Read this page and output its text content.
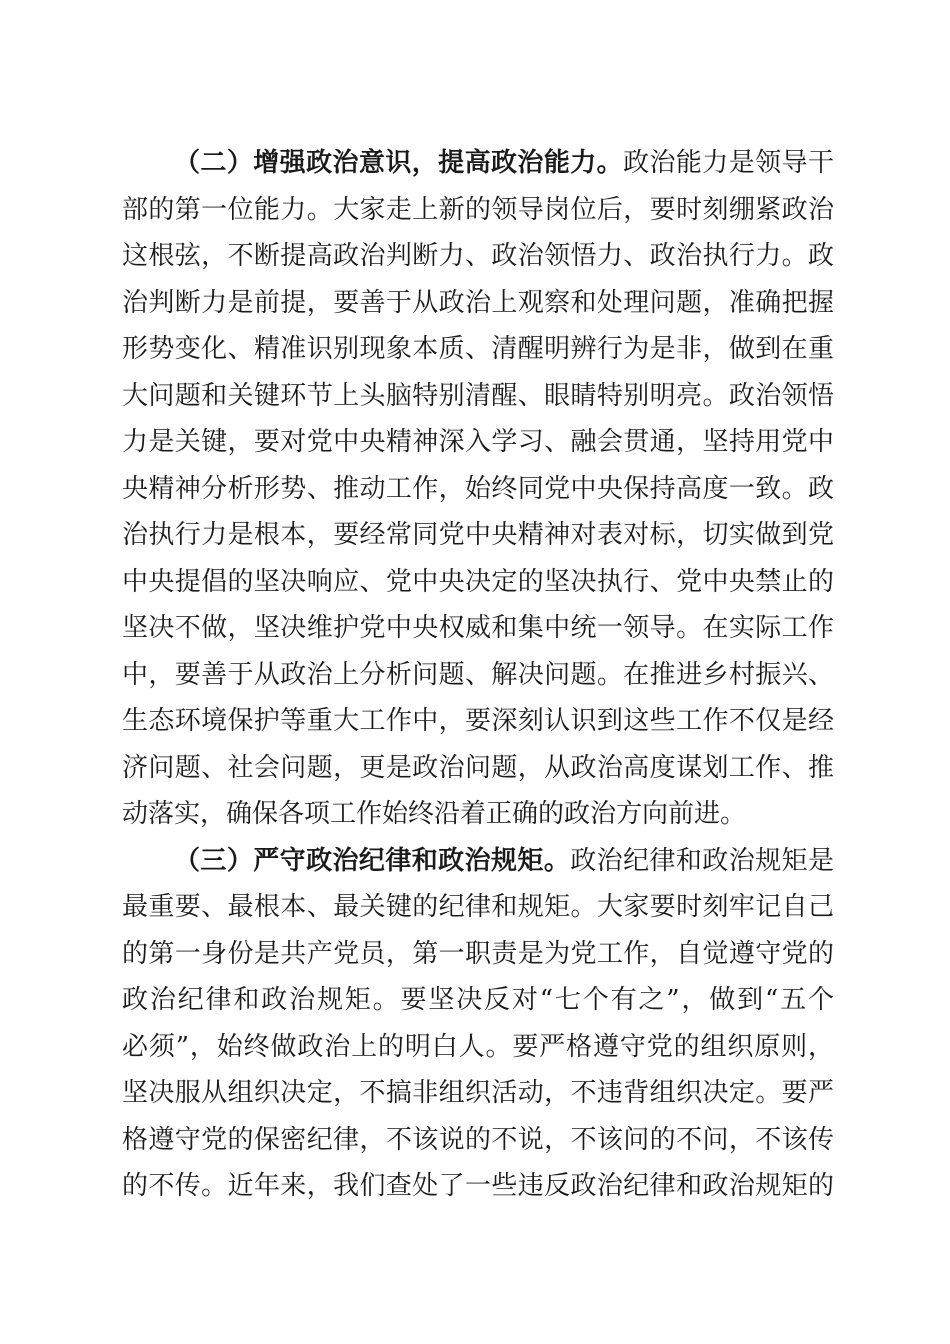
（二）增强政治意识，提高政治能力。政治能力是领导干
部的第一位能力。大家走上新的领导岗位后，要时刻绷紧政治
这根弦，不断提高政治判断力、政治领悟力、政治执行力。政
治判断力是前提，要善于从政治上观察和处理问题，准确把握
形势变化、精准识别现象本质、清醒明辨行为是非，做到在重
大问题和关键环节上头脑特别清醒、眼睛特别明亮。政治领悟
力是关键，要对党中央精神深入学习、融会贯通，坚持用党中
央精神分析形势、推动工作，始终同党中央保持高度一致。政
治执行力是根本，要经常同党中央精神对表对标，切实做到党
中央提倡的坚决响应、党中央决定的坚决执行、党中央禁止的
坚决不做，坚决维护党中央权威和集中统一领导。在实际工作
中，要善于从政治上分析问题、解决问题。在推进乡村振兴、
生态环境保护等重大工作中，要深刻认识到这些工作不仅是经
济问题、社会问题，更是政治问题，从政治高度谋划工作、推
动落实，确保各项工作始终沿着正确的政治方向前进。
（三）严守政治纪律和政治规矩。政治纪律和政治规矩是
最重要、最根本、最关键的纪律和规矩。大家要时刻牢记自己
的第一身份是共产党员，第一职责是为党工作，自觉遵守党的
政治纪律和政治规矩。要坚决反对“七个有之”，做到“五个
必须”，始终做政治上的明白人。要严格遵守党的组织原则，
坚决服从组织决定，不搞非组织活动，不违背组织决定。要严
格遵守党的保密纪律，不该说的不说，不该问的不问，不该传
的不传。近年来，我们查处了一些违反政治纪律和政治规矩的
